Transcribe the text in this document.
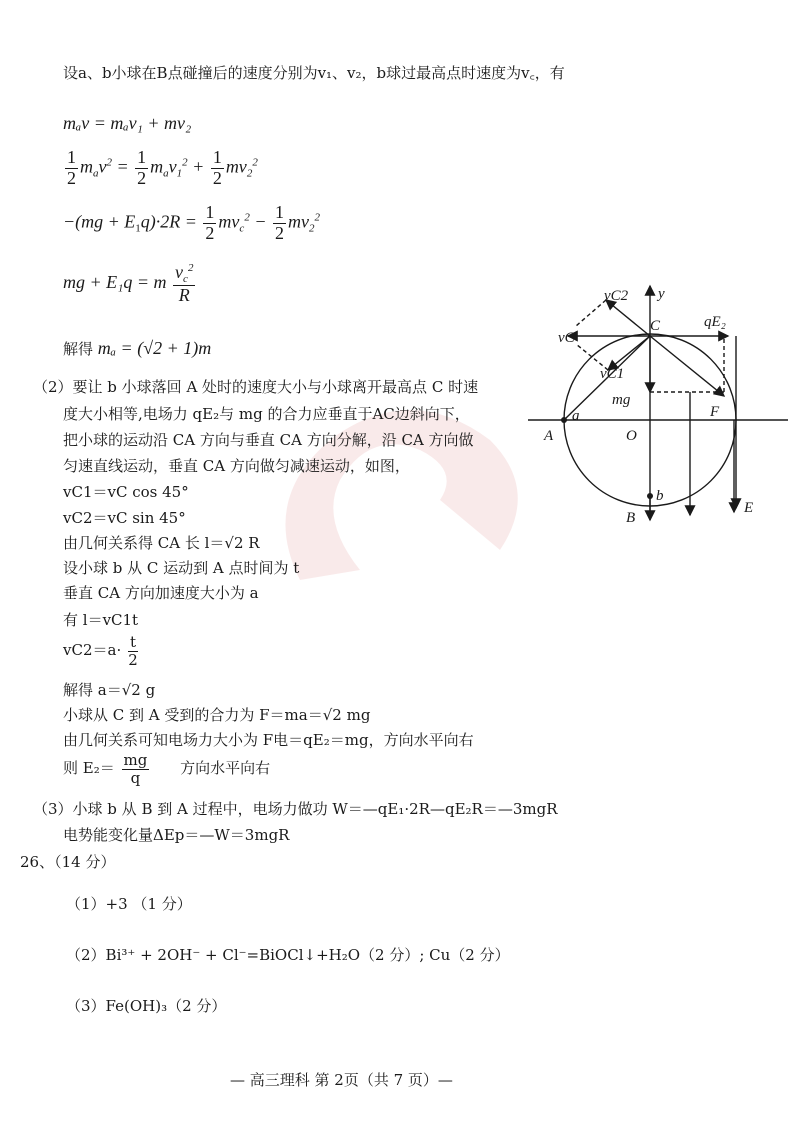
设a、b小球在B点碰撞后的速度分别为v₁、v₂，b球过最高点时速度为v꜀，有
mₐv = mₐv₁ + mv₂
$\frac{1}{2} m_av^2 = \frac{1}{2} m_av_1^2 + \frac{1}{2} mv_2^2$
$-(mg + E_1q)\cdot 2R = \frac{1}{2} mv_c^2 - \frac{1}{2} mv_2^2$
mg + E₁q = m $\frac{v_c^2}{R}$
解得 mₐ = (√2 + 1)m
（2）要让 b 小球落回 A 处时的速度大小与小球离开最高点 C 时速
度大小相等,电场力 qE₂与 mg 的合力应垂直于AC边斜向下，
把小球的运动沿 CA 方向与垂直 CA 方向分解，沿 CA 方向做
匀速直线运动，垂直 CA 方向做匀减速运动，如图，
vC1＝vC cos 45°
vC2＝vC sin 45°
由几何关系得 CA 长 l＝√2 R
设小球 b 从 C 运动到 A 点时间为 t
垂直 CA 方向加速度大小为 a
有 l＝vC1t
$vC2=a\cdot \frac{t}{2}$
解得 a＝√2 g
小球从 C 到 A 受到的合力为 F＝ma＝√2 mg
由几何关系可知电场力大小为 F电＝qE₂＝mg，方向水平向右
则 $E_2= \frac{mg}{q}$ 方向水平向右
（3）小球 b 从 B 到 A 过程中，电场力做功 W＝—qE₁·2R—qE₂R＝—3mgR
电势能变化量ΔEp＝—W＝3mgR
26、（14 分）
（1）+3 （1 分）
（2）Bi³⁺ + 2OH⁻ + Cl⁻=BiOCl↓+H₂O（2 分）; Cu（2 分）
（3）Fe(OH)₃（2 分）
— 高三理科 第 2页（共 7 页）—
vC2 y
qE₂
vC
C
vC1
mg
F
A
a
O
b
B
E
